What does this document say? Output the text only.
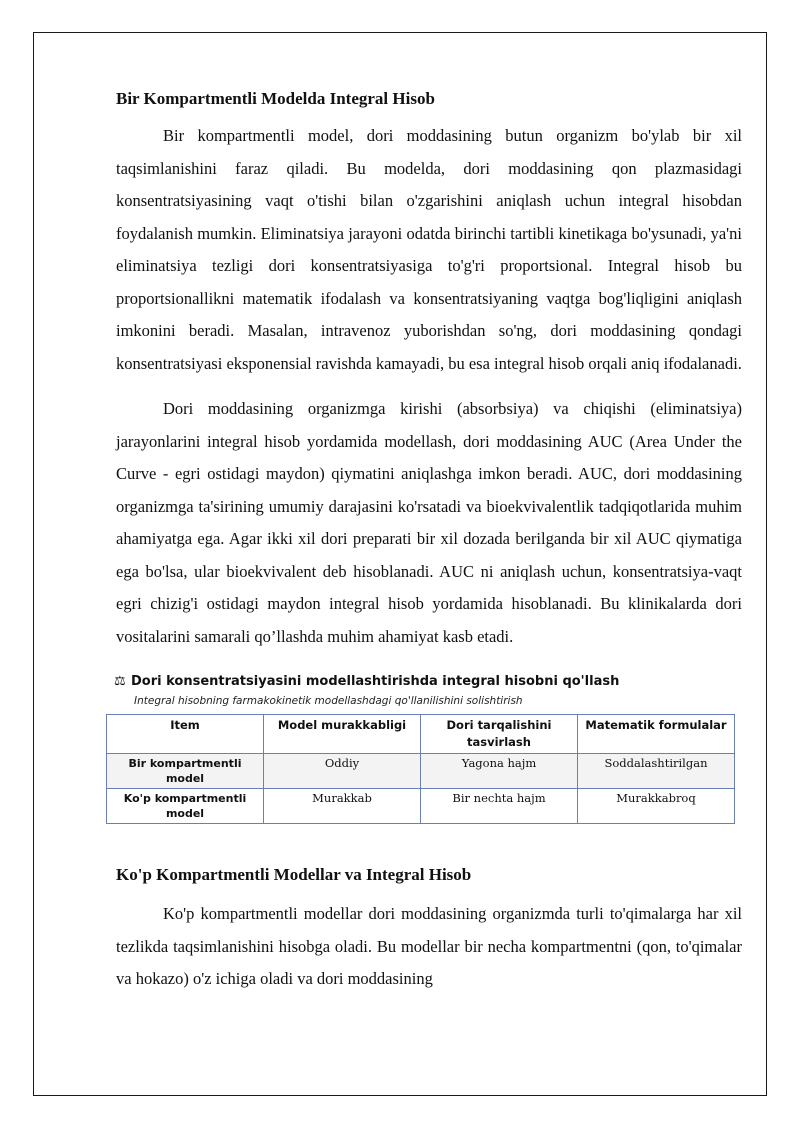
Bir Kompartmentli Modelda Integral Hisob

Bir kompartmentli model, dori moddasining butun organizm bo'ylab bir xil taqsimlanishini faraz qiladi. Bu modelda, dori moddasining qon plazmasidagi konsentratsiyasining vaqt o'tishi bilan o'zgarishini aniqlash uchun integral hisobdan foydalanish mumkin. Eliminatsiya jarayoni odatda birinchi tartibli kinetikaga bo'ysunadi, ya'ni eliminatsiya tezligi dori konsentratsiyasiga to'g'ri proportsional. Integral hisob bu proportsionallikni matematik ifodalash va konsentratsiyaning vaqtga bog'liqligini aniqlash imkonini beradi. Masalan, intravenoz yuborishdan so'ng, dori moddasining qondagi konsentratsiyasi eksponensial ravishda kamayadi, bu esa integral hisob orqali aniq ifodalanadi.

Dori moddasining organizmga kirishi (absorbsiya) va chiqishi (eliminatsiya) jarayonlarini integral hisob yordamida modellash, dori moddasining AUC (Area Under the Curve - egri ostidagi maydon) qiymatini aniqlashga imkon beradi. AUC, dori moddasining organizmga ta'sirining umumiy darajasini ko'rsatadi va bioekvivalentlik tadqiqotlarida muhim ahamiyatga ega. Agar ikki xil dori preparati bir xil dozada berilganda bir xil AUC qiymatiga ega bo'lsa, ular bioekvivalent deb hisoblanadi. AUC ni aniqlash uchun, konsentratsiya-vaqt egri chizig'i ostidagi maydon integral hisob yordamida hisoblanadi. Bu klinikalarda dori vositalarini samarali qo’llashda muhim ahamiyat kasb etadi.

⚖ Dori konsentratsiyasini modellashtirishda integral hisobni qo'llash
Integral hisobning farmakokinetik modellashdagi qo'llanilishini solishtirish
Item	Model murakkabligi	Dori tarqalishini tasvirlash	Matematik formulalar
Bir kompartmentli model	Oddiy	Yagona hajm	Soddalashtirilgan
Ko'p kompartmentli model	Murakkab	Bir nechta hajm	Murakkabroq
Ko'p Kompartmentli Modellar va Integral Hisob

Ko'p kompartmentli modellar dori moddasining organizmda turli to'qimalarga har xil tezlikda taqsimlanishini hisobga oladi. Bu modellar bir necha kompartmentni (qon, to'qimalar va hokazo) o'z ichiga oladi va dori moddasining
